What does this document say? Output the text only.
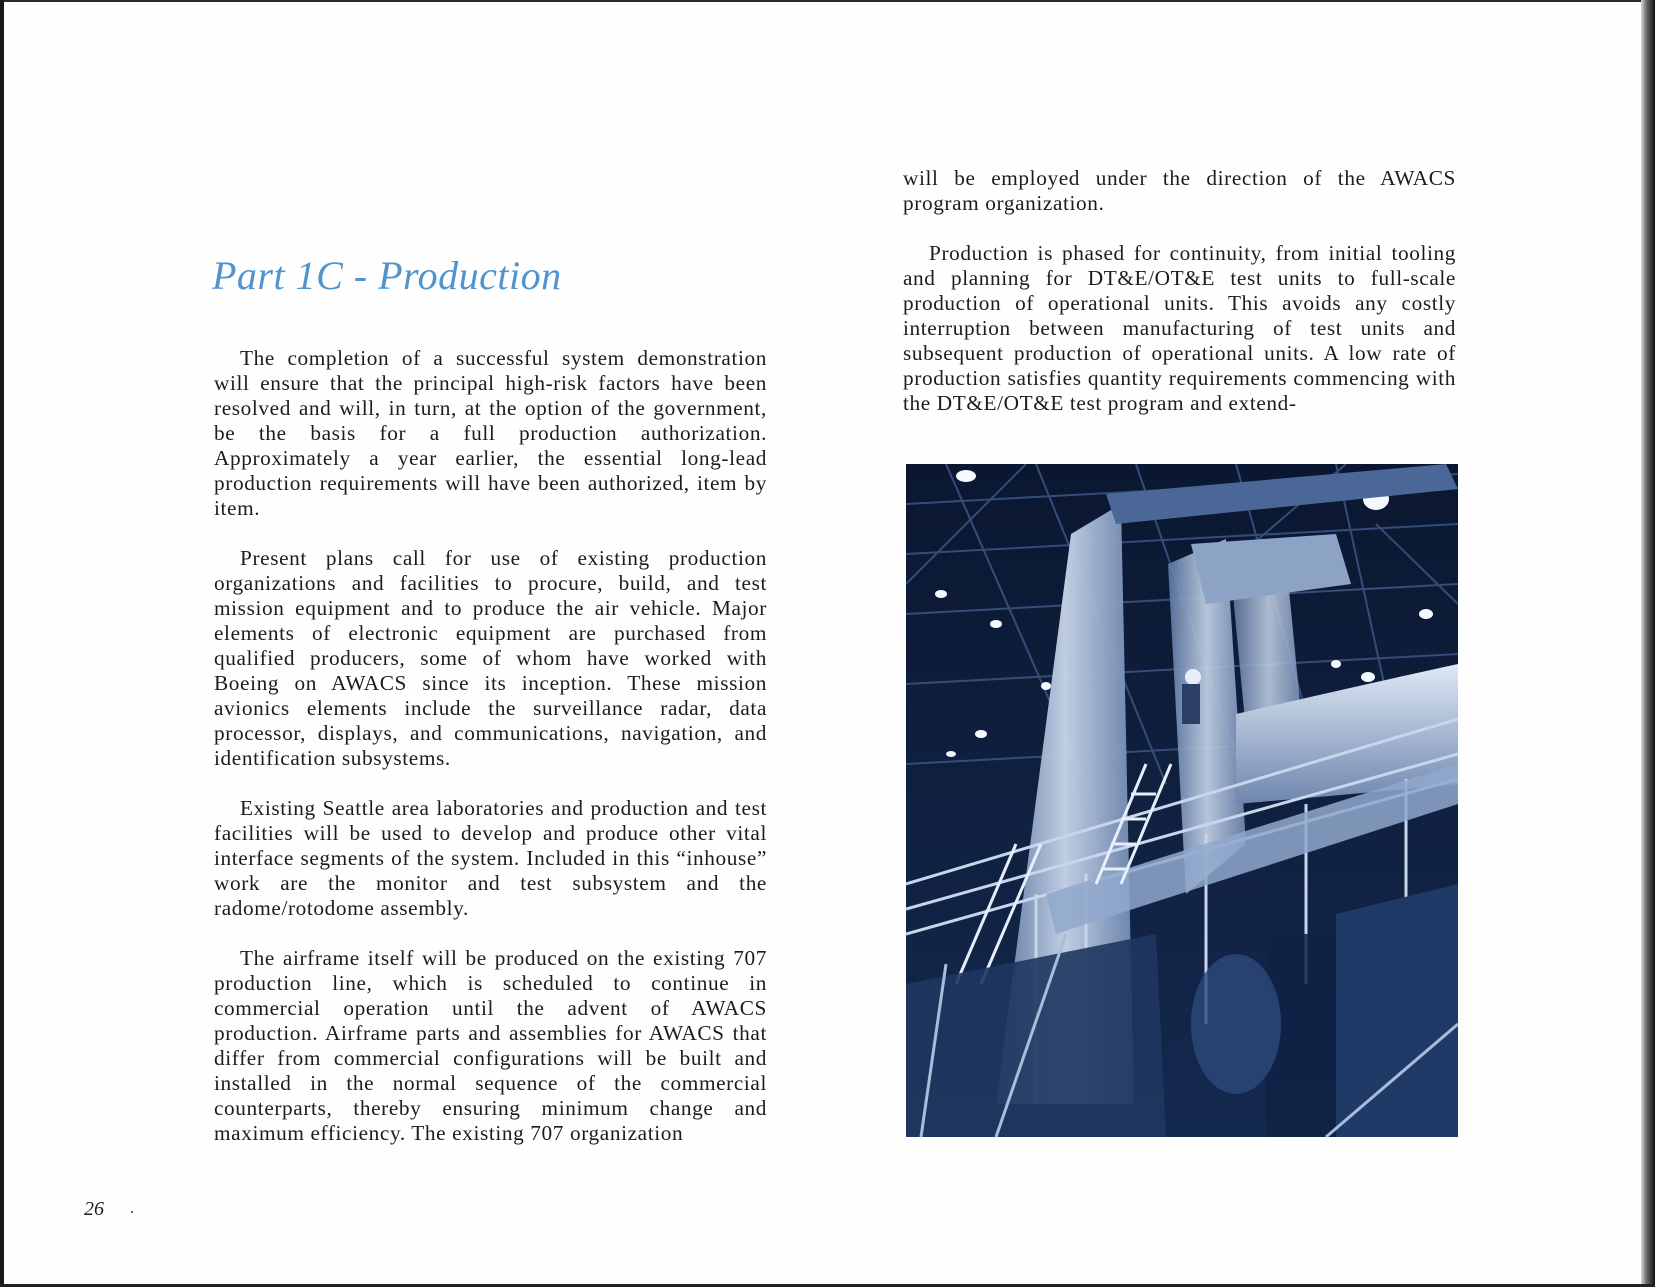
Part 1C - Production

The completion of a successful system demonstration will ensure that the principal high-risk factors have been resolved and will, in turn, at the option of the government, be the basis for a full production authorization. Approximately a year earlier, the essential long-lead production requirements will have been authorized, item by item.

Present plans call for use of existing production organizations and facilities to procure, build, and test mission equipment and to produce the air vehicle. Major elements of electronic equipment are purchased from qualified producers, some of whom have worked with Boeing on AWACS since its inception. These mission avionics elements include the surveillance radar, data processor, displays, and communications, navigation, and identification subsystems.

Existing Seattle area laboratories and production and test facilities will be used to develop and produce other vital interface segments of the system. Included in this “inhouse” work are the monitor and test subsystem and the radome/rotodome assembly.

The airframe itself will be produced on the existing 707 production line, which is scheduled to continue in commercial operation until the advent of AWACS production. Airframe parts and assemblies for AWACS that differ from commercial configurations will be built and installed in the normal sequence of the commercial counterparts, thereby ensuring minimum change and maximum efficiency. The existing 707 organization

will be employed under the direction of the AWACS program organization.

Production is phased for continuity, from initial tooling and planning for DT&E/OT&E test units to full-scale production of operational units. This avoids any costly interruption between manufacturing of test units and subsequent production of operational units. A low rate of production satisfies quantity requirements commencing with the DT&E/OT&E test program and extend-

26
